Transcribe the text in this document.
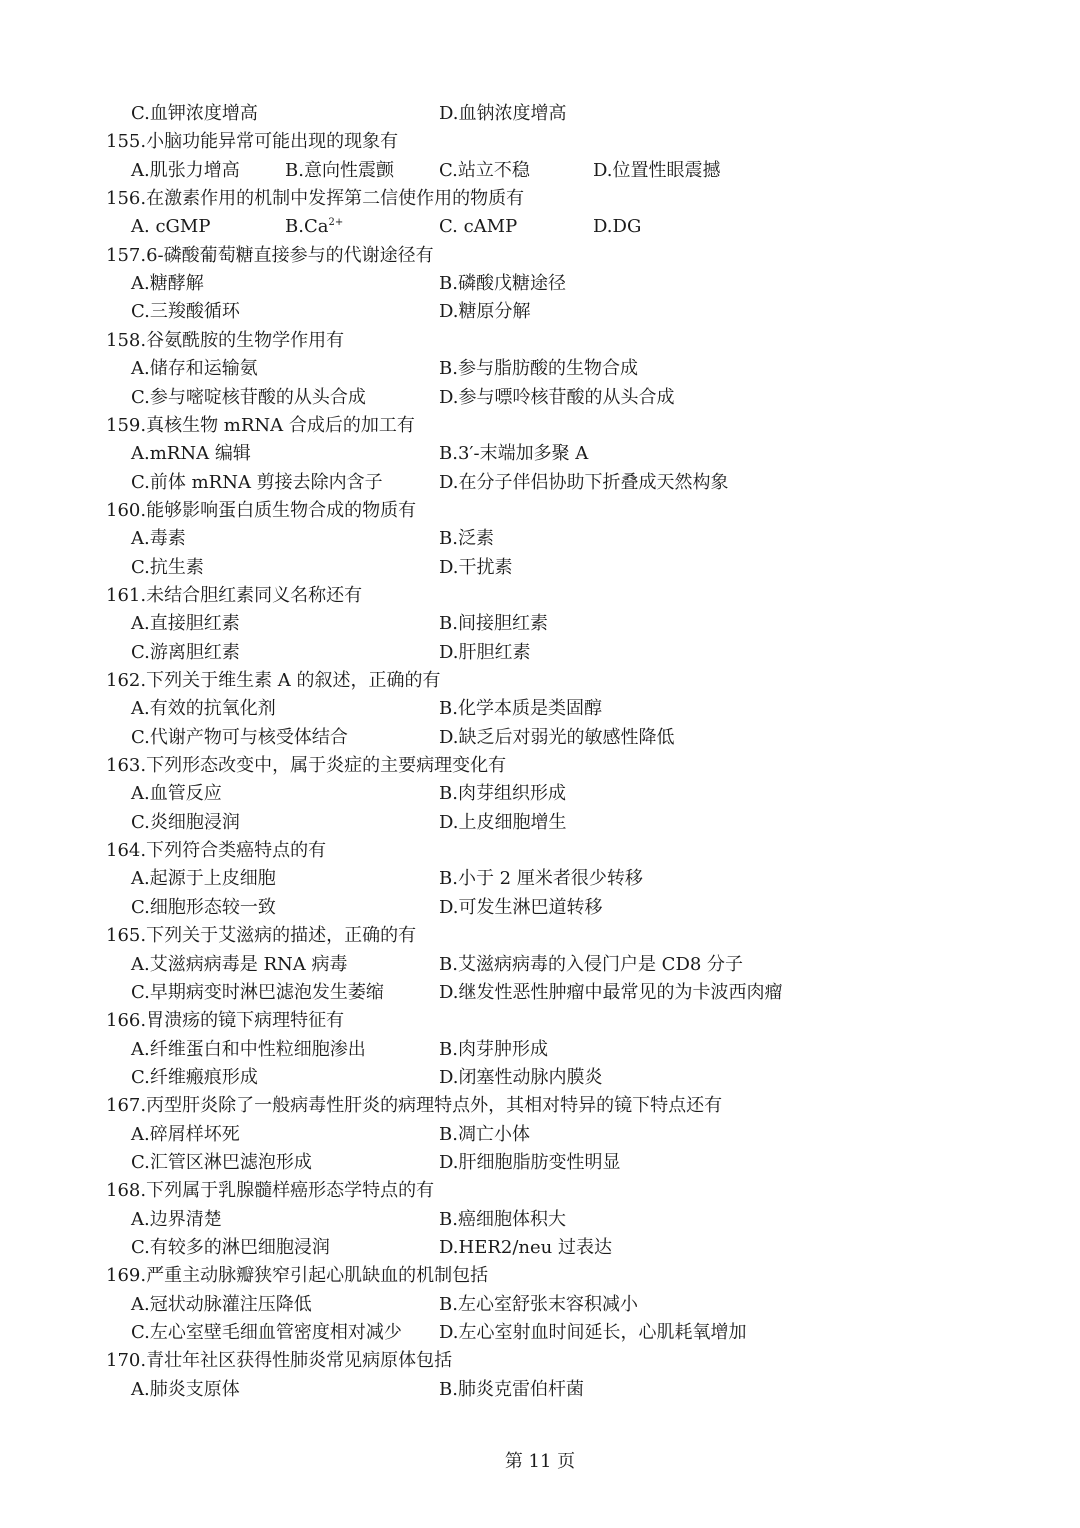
C.血钾浓度增高	D.血钠浓度增高
155.小脑功能异常可能出现的现象有
A.肌张力增高	B.意向性震颤	C.站立不稳	D.位置性眼震撼
156.在激素作用的机制中发挥第二信使作用的物质有
A. cGMP	$B.Ca^{2+}$	C. cAMP	D.DG
157.6-磷酸葡萄糖直接参与的代谢途径有
A.糖酵解	B.磷酸戊糖途径
C.三羧酸循环	D.糖原分解
158.谷氨酰胺的生物学作用有
A.储存和运输氨	B.参与脂肪酸的生物合成
C.参与嘧啶核苷酸的从头合成	D.参与嘌呤核苷酸的从头合成
159.真核生物 mRNA 合成后的加工有
A.mRNA 编辑	B.3′-末端加多聚 A
C.前体 mRNA 剪接去除内含子	D.在分子伴侣协助下折叠成天然构象
160.能够影响蛋白质生物合成的物质有
A.毒素	B.泛素
C.抗生素	D.干扰素
161.未结合胆红素同义名称还有
A.直接胆红素	B.间接胆红素
C.游离胆红素	D.肝胆红素
162.下列关于维生素 A 的叙述，正确的有
A.有效的抗氧化剂	B.化学本质是类固醇
C.代谢产物可与核受体结合	D.缺乏后对弱光的敏感性降低
163.下列形态改变中，属于炎症的主要病理变化有
A.血管反应	B.肉芽组织形成
C.炎细胞浸润	D.上皮细胞增生
164.下列符合类癌特点的有
A.起源于上皮细胞	B.小于 2 厘米者很少转移
C.细胞形态较一致	D.可发生淋巴道转移
165.下列关于艾滋病的描述，正确的有
A.艾滋病病毒是 RNA 病毒	B.艾滋病病毒的入侵门户是 CD8 分子
C.早期病变时淋巴滤泡发生萎缩	D.继发性恶性肿瘤中最常见的为卡波西肉瘤
166.胃溃疡的镜下病理特征有
A.纤维蛋白和中性粒细胞渗出	B.肉芽肿形成
C.纤维瘢痕形成	D.闭塞性动脉内膜炎
167.丙型肝炎除了一般病毒性肝炎的病理特点外，其相对特异的镜下特点还有
A.碎屑样坏死	B.凋亡小体
C.汇管区淋巴滤泡形成	D.肝细胞脂肪变性明显
168.下列属于乳腺髓样癌形态学特点的有
A.边界清楚	B.癌细胞体积大
C.有较多的淋巴细胞浸润	D.HER2/neu 过表达
169.严重主动脉瓣狭窄引起心肌缺血的机制包括
A.冠状动脉灌注压降低	B.左心室舒张末容积减小
C.左心室壁毛细血管密度相对减少 D.左心室射血时间延长，心肌耗氧增加
170.青壮年社区获得性肺炎常见病原体包括
A.肺炎支原体	B.肺炎克雷伯杆菌
第 11 页
